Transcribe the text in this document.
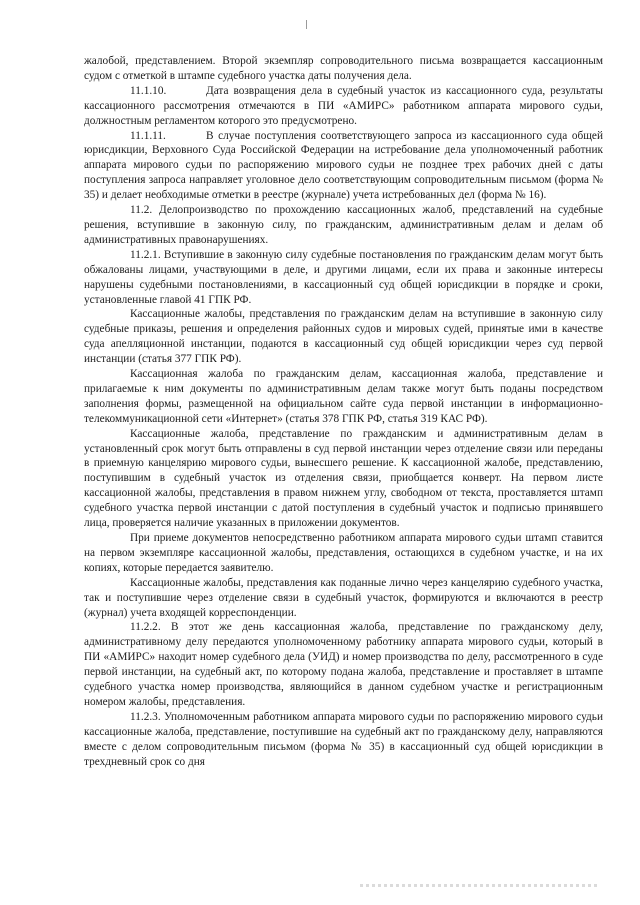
жалобой, представлением. Второй экземпляр сопроводительного письма возвращается кассационным судом с отметкой в штампе судебного участка даты получения дела.

11.1.10.	Дата возвращения дела в судебный участок из кассационного суда, результаты кассационного рассмотрения отмечаются в ПИ «АМИРС» работником аппарата мирового судьи, должностным регламентом которого это предусмотрено.

11.1.11.	В случае поступления соответствующего запроса из кассационного суда общей юрисдикции, Верховного Суда Российской Федерации на истребование дела уполномоченный работник аппарата мирового судьи по распоряжению мирового судьи не позднее трех рабочих дней с даты поступления запроса направляет уголовное дело соответствующим сопроводительным письмом (форма № 35) и делает необходимые отметки в реестре (журнале) учета истребованных дел (форма № 16).

11.2. Делопроизводство по прохождению кассационных жалоб, представлений на судебные решения, вступившие в законную силу, по гражданским, административным делам и делам об административных правонарушениях.

11.2.1. Вступившие в законную силу судебные постановления по гражданским делам могут быть обжалованы лицами, участвующими в деле, и другими лицами, если их права и законные интересы нарушены судебными постановлениями, в кассационный суд общей юрисдикции в порядке и сроки, установленные главой 41 ГПК РФ.

Кассационные жалобы, представления по гражданским делам на вступившие в законную силу судебные приказы, решения и определения районных судов и мировых судей, принятые ими в качестве суда апелляционной инстанции, подаются в кассационный суд общей юрисдикции через суд первой инстанции (статья 377 ГПК РФ).

Кассационная жалоба по гражданским делам, кассационная жалоба, представление и прилагаемые к ним документы по административным делам также могут быть поданы посредством заполнения формы, размещенной на официальном сайте суда первой инстанции в информационно-телекоммуникационной сети «Интернет» (статья 378 ГПК РФ, статья 319 КАС РФ).

Кассационные жалоба, представление по гражданским и административным делам в установленный срок могут быть отправлены в суд первой инстанции через отделение связи или переданы в приемную канцелярию мирового судьи, вынесшего решение. К кассационной жалобе, представлению, поступившим в судебный участок из отделения связи, приобщается конверт. На первом листе кассационной жалобы, представления в правом нижнем углу, свободном от текста, проставляется штамп судебного участка первой инстанции с датой поступления в судебный участок и подписью принявшего лица, проверяется наличие указанных в приложении документов.

При приеме документов непосредственно работником аппарата мирового судьи штамп ставится на первом экземпляре кассационной жалобы, представления, остающихся в судебном участке, и на их копиях, которые передается заявителю.

Кассационные жалобы, представления как поданные лично через канцелярию судебного участка, так и поступившие через отделение связи в судебный участок, формируются и включаются в реестр (журнал) учета входящей корреспонденции.

11.2.2. В этот же день кассационная жалоба, представление по гражданскому делу, административному делу передаются уполномоченному работнику аппарата мирового судьи, который в ПИ «АМИРС» находит номер судебного дела (УИД) и номер производства по делу, рассмотренного в суде первой инстанции, на судебный акт, по которому подана жалоба, представление и проставляет в штампе судебного участка номер производства, являющийся в данном судебном участке и регистрационным номером жалобы, представления.

11.2.3. Уполномоченным работником аппарата мирового судьи по распоряжению мирового судьи кассационные жалоба, представление, поступившие на судебный акт по гражданскому делу, направляются вместе с делом сопроводительным письмом (форма № 35) в кассационный суд общей юрисдикции в трехдневный срок со дня
